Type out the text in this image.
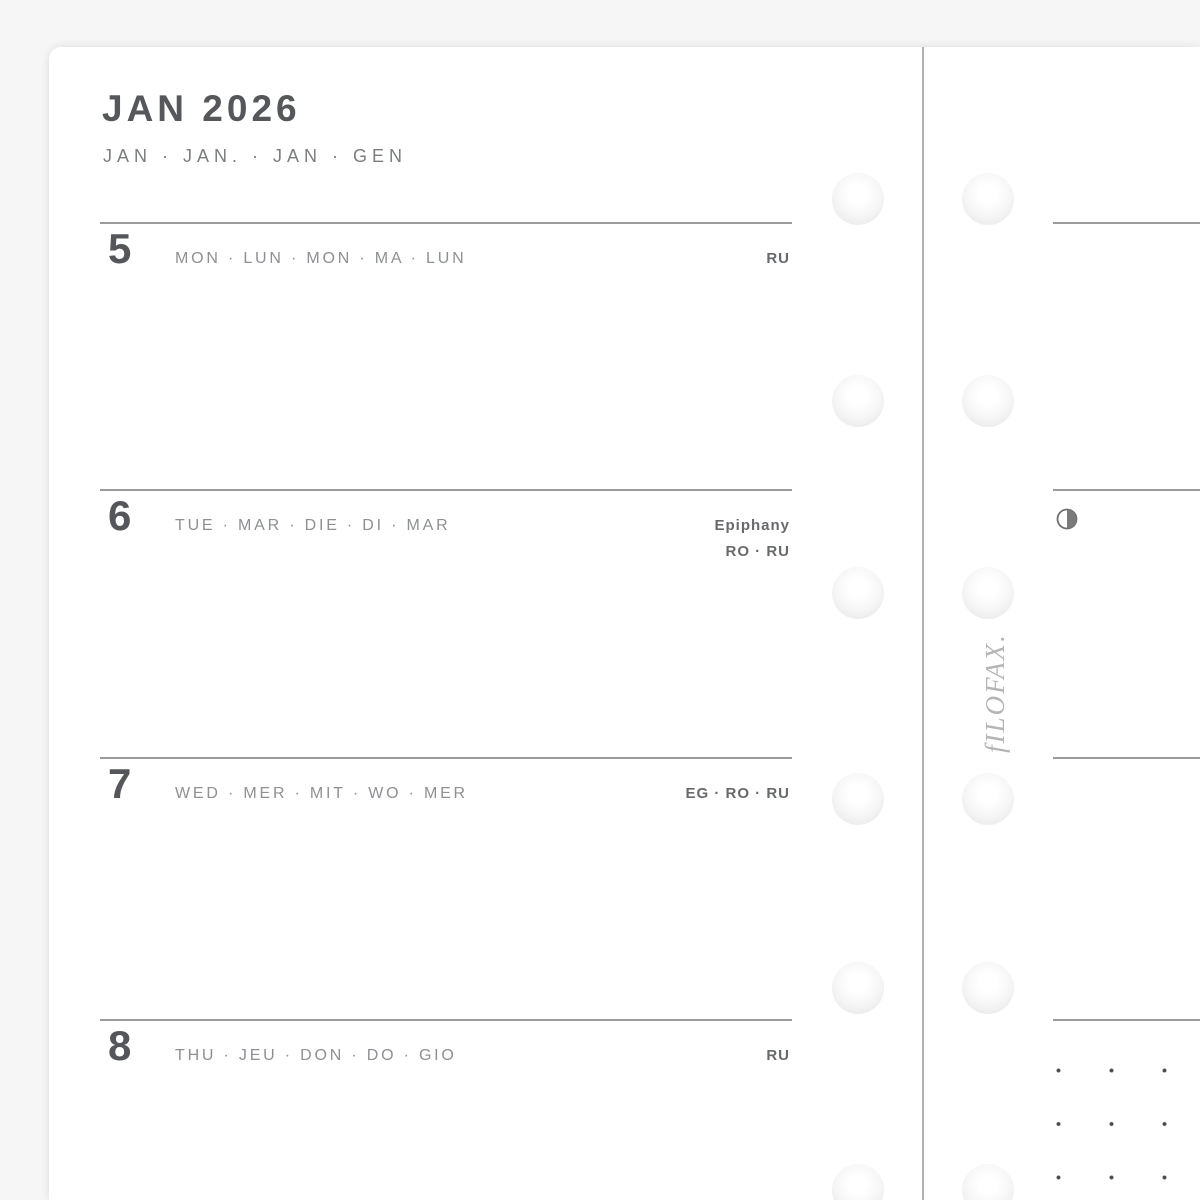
JAN 2026
JAN · JAN. · JAN · GEN
5	MON · LUN · MON · MA · LUN	RU

6	TUE · MAR · DIE · DI · MAR	Epiphany
RO · RU
7	WED · MER · MIT · WO · MER	EG · RO · RU

8	THU · JEU · DON · DO · GIO	RU

fILOFAX.
